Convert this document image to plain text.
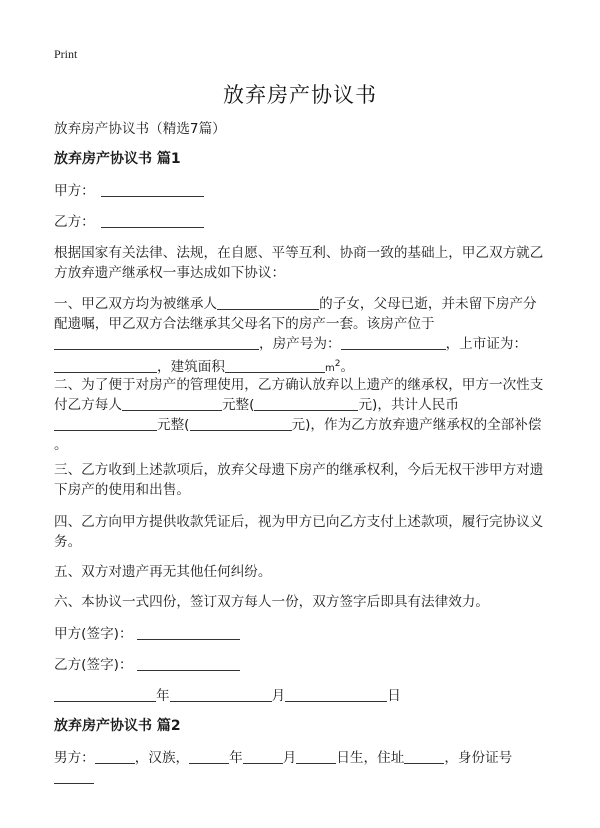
Print
放弃房产协议书
放弃房产协议书（精选7篇）
放弃房产协议书 篇1
甲方：
乙方：
根据国家有关法律、法规，在自愿、平等互利、协商一致的基础上，甲乙双方就乙
方放弃遗产继承权一事达成如下协议：
一、甲乙双方均为被继承人	的子女，父母已逝，并未留下房产分
配遗嘱，甲乙双方合法继承其父母名下的房产一套。该房产位于
，房产号为：	，上市证为：
，建筑面积	$m^2$。
二、为了便于对房产的管理使用，乙方确认放弃以上遗产的继承权，甲方一次性支
付乙方每人	元整(	元)，共计人民币
元整(	元)，作为乙方放弃遗产继承权的全部补偿
。
三、乙方收到上述款项后，放弃父母遗下房产的继承权利，今后无权干涉甲方对遗
下房产的使用和出售。
四、乙方向甲方提供收款凭证后，视为甲方已向乙方支付上述款项，履行完协议义
务。
五、双方对遗产再无其他任何纠纷。
六、本协议一式四份，签订双方每人一份，双方签字后即具有法律效力。
甲方(签字)：
乙方(签字)：
年	月	日
放弃房产协议书 篇2
男方：	，汉族，	年	月	日生，住址	，身份证号
